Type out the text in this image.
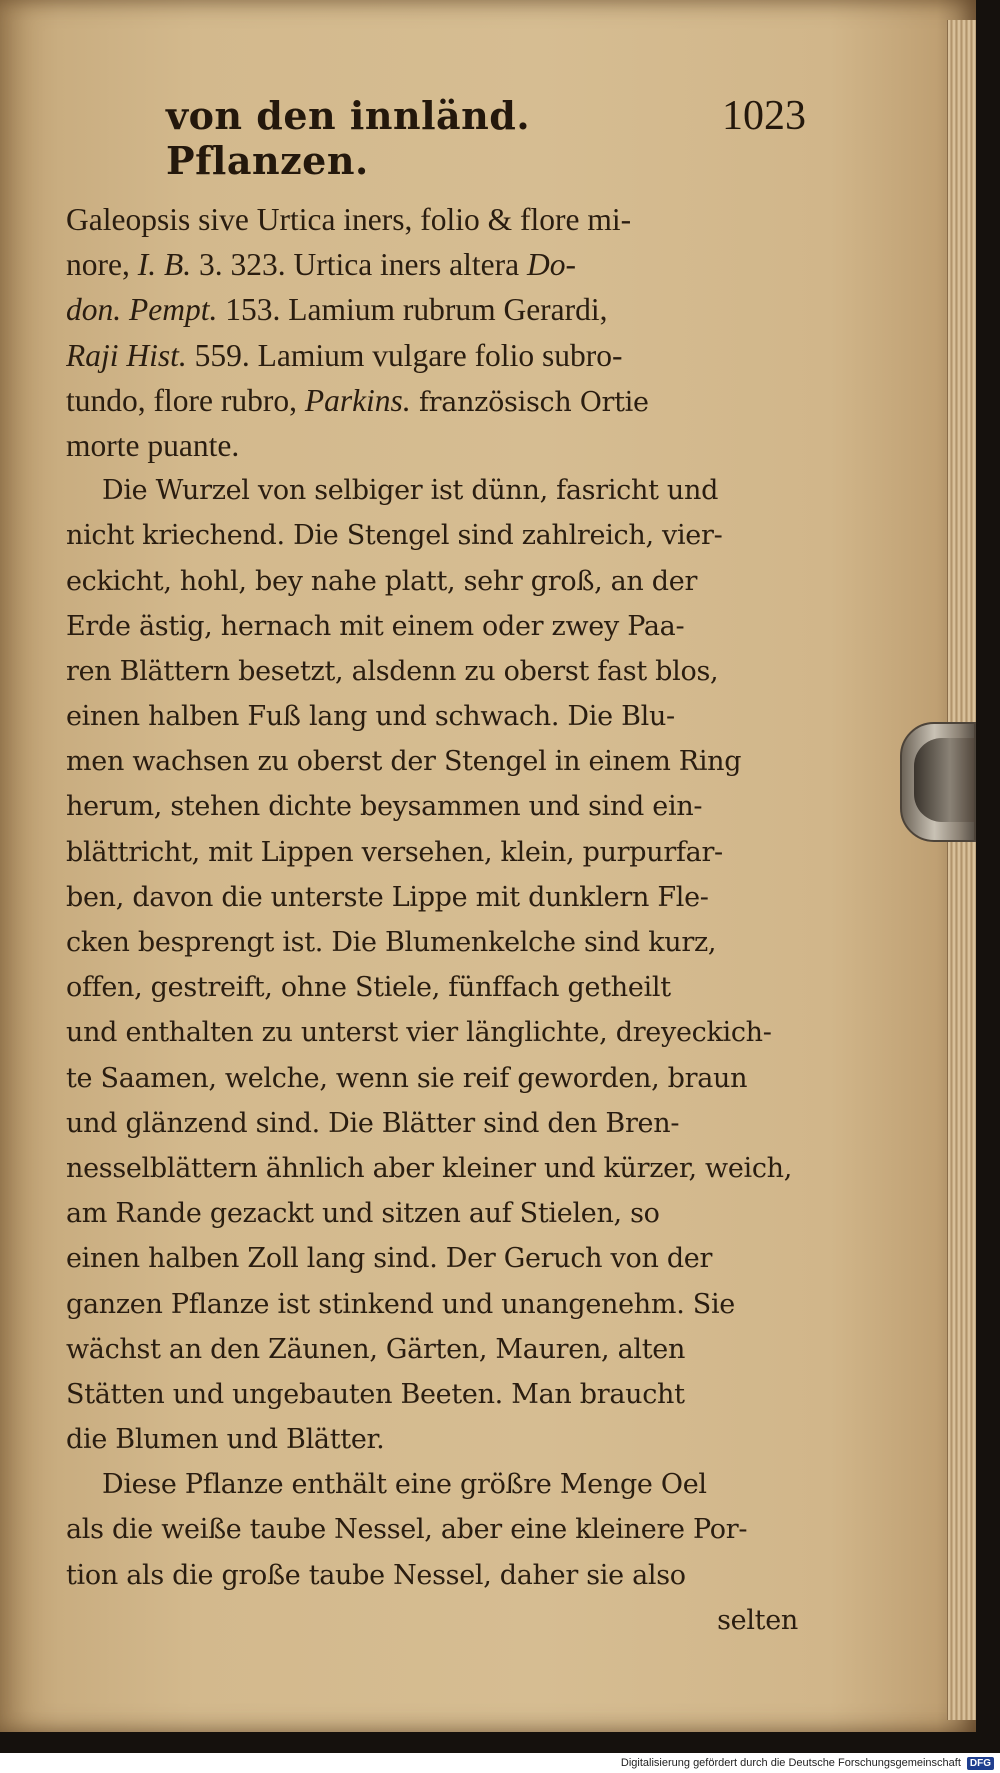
von den innländ. Pflanzen.
1023
Galeopsis sive Urtica iners, folio & flore mi-
nore, I. B. 3. 323. Urtica iners altera Do-
don. Pempt. 153. Lamium rubrum Gerardi,
Raji Hist. 559. Lamium vulgare folio subro-
tundo, flore rubro, Parkins. französisch Ortie
morte puante.
Die Wurzel von selbiger ist dünn, fasricht und
nicht kriechend. Die Stengel sind zahlreich, vier-
eckicht, hohl, bey nahe platt, sehr groß, an der
Erde ästig, hernach mit einem oder zwey Paa-
ren Blättern besetzt, alsdenn zu oberst fast blos,
einen halben Fuß lang und schwach. Die Blu-
men wachsen zu oberst der Stengel in einem Ring
herum, stehen dichte beysammen und sind ein-
blättricht, mit Lippen versehen, klein, purpurfar-
ben, davon die unterste Lippe mit dunklern Fle-
cken besprengt ist. Die Blumenkelche sind kurz,
offen, gestreift, ohne Stiele, fünffach getheilt
und enthalten zu unterst vier länglichte, dreyeckich-
te Saamen, welche, wenn sie reif geworden, braun
und glänzend sind. Die Blätter sind den Bren-
nesselblättern ähnlich aber kleiner und kürzer, weich,
am Rande gezackt und sitzen auf Stielen, so
einen halben Zoll lang sind. Der Geruch von der
ganzen Pflanze ist stinkend und unangenehm. Sie
wächst an den Zäunen, Gärten, Mauren, alten
Stätten und ungebauten Beeten. Man braucht
die Blumen und Blätter.
Diese Pflanze enthält eine größre Menge Oel
als die weiße taube Nessel, aber eine kleinere Por-
tion als die große taube Nessel, daher sie also
selten
Digitalisierung gefördert durch die Deutsche Forschungsgemeinschaft DFG
